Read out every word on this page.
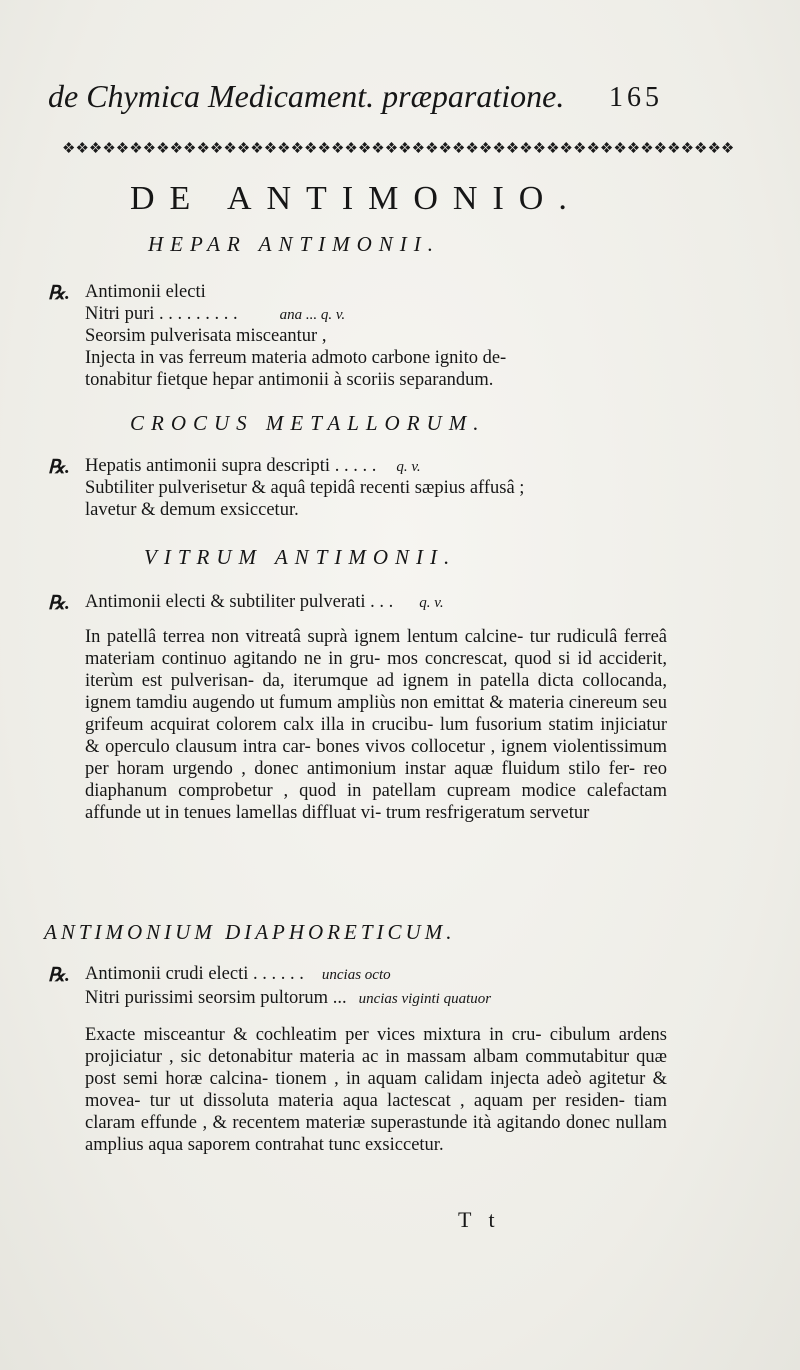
de Chymica Medicament. præparatione. 165
❖❖❖❖❖❖❖❖❖❖❖❖❖❖❖❖❖❖❖❖❖❖❖❖❖❖❖❖❖❖❖❖❖❖❖❖❖❖❖❖❖❖❖❖❖❖❖❖❖❖
DE ANTIMONIO.
HEPAR ANTIMONII.
℞. Antimonii electi
Nitri puri . . . . . . . . .	ana ... q. v.
Seorsim pulverisata misceantur ,
Injecta in vas ferreum materia admoto carbone ignito de-
tonabitur fietque hepar antimonii à scoriis separandum.
CROCUS METALLORUM.
℞. Hepatis antimonii supra descripti . . . . . q. v.
Subtiliter pulverisetur & aquâ tepidâ recenti sæpius affusâ ;
lavetur & demum exsiccetur.
VITRUM ANTIMONII.
℞. Antimonii electi & subtiliter pulverati . . . q. v.
In patellâ terrea non vitreatâ suprà ignem lentum calcine- tur rudiculâ ferreâ materiam continuo agitando ne in gru- mos concrescat, quod si id acciderit, iterùm est pulverisan- da, iterumque ad ignem in patella dicta collocanda, ignem tamdiu augendo ut fumum ampliùs non emittat & materia cinereum seu grifeum acquirat colorem calx illa in crucibu- lum fusorium statim injiciatur & operculo clausum intra car- bones vivos collocetur , ignem violentissimum per horam urgendo , donec antimonium instar aquæ fluidum stilo fer- reo diaphanum comprobetur , quod in patellam cupream modice calefactam affunde ut in tenues lamellas diffluat vi- trum resfrigeratum servetur
ANTIMONIUM DIAPHORETICUM.
℞. Antimonii crudi electi . . . . . . uncias octo
Nitri purissimi seorsim pultorum ... uncias viginti quatuor
Exacte misceantur & cochleatim per vices mixtura in cru- cibulum ardens projiciatur , sic detonabitur materia ac in massam albam commutabitur quæ post semi horæ calcina- tionem , in aquam calidam injecta adeò agitetur & movea- tur ut dissoluta materia aqua lactescat , aquam per residen- tiam claram effunde , & recentem materiæ superastunde ità agitando donec nullam amplius aqua saporem contrahat tunc exsiccetur.
T t
